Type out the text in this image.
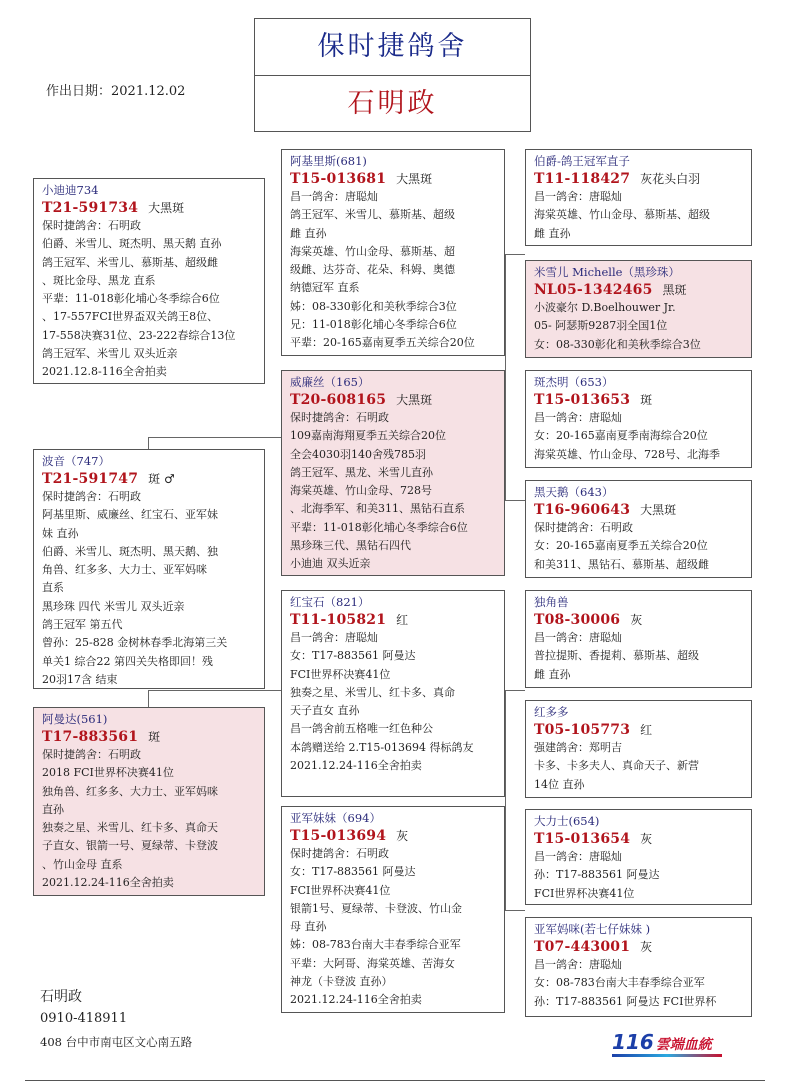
保时捷鸽舍
石明政
作出日期：2021.12.02
小迪迪734
T21-591734 大黑斑
保时捷鸽舍：石明政
伯爵、米雪儿、斑杰明、黑天鹅 直孙
鸽王冠军、米雪儿、慕斯基、超级雌
、斑比金母、黑龙 直系
平辈：11-018彰化埔心冬季综合6位
、17-557FCI世界盃双关鸽王8位、
17-558决赛31位、23-222春综合13位
鸽王冠军、米雪儿 双头近亲
2021.12.8-116全舍拍卖
波音（747）
T21-591747 斑 ♂
保时捷鸽舍：石明政
阿基里斯、威廉丝、红宝石、亚军妹
妹 直孙
伯爵、米雪儿、斑杰明、黑天鹅、独
角兽、红多多、大力士、亚军妈咪
直系
黑珍珠 四代 米雪儿 双头近亲
鸽王冠军 第五代
曾孙：25-828 金树林春季北海第三关
单关1 综合22 第四关失格即回！残
20羽17含 结束
阿曼达(561)
T17-883561 斑
保时捷鸽舍：石明政
2018 FCI世界杯决赛41位
独角兽、红多多、大力士、亚军妈咪
直孙
独奏之星、米雪儿、红卡多、真命天
子直女、银箭一号、夏绿蒂、卡登波
、竹山金母 直系
2021.12.24-116全舍拍卖
阿基里斯(681)
T15-013681 大黑斑
昌一鸽舍：唐聪灿
鸽王冠军、米雪儿、慕斯基、超级
雌 直孙
海棠英雄、竹山金母、慕斯基、超
级雌、达芬奇、花朵、科姆、奥德
纳德冠军 直系
姊：08-330彰化和美秋季综合3位
兄：11-018彰化埔心冬季综合6位
平辈：20-165嘉南夏季五关综合20位
威廉丝（165）
T20-608165 大黑斑
保时捷鸽舍：石明政
109嘉南海翔夏季五关综合20位
全会4030羽140舍残785羽
鸽王冠军、黑龙、米雪儿直孙
海棠英雄、竹山金母、728号
、北海季军、和美311、黑钻石直系
平辈：11-018彰化埔心冬季综合6位
黑珍珠三代、黑钻石四代
小迪迪 双头近亲
红宝石（821）
T11-105821 红
昌一鸽舍：唐聪灿
女：T17-883561 阿曼达
FCI世界杯决赛41位
独奏之星、米雪儿、红卡多、真命
天子直女 直孙
昌一鸽舍前五格唯一红色种公
本鸽赠送给 2.T15-013694 得标鸽友
2021.12.24-116全舍拍卖
亚军妹妹（694）
T15-013694 灰
保时捷鸽舍：石明政
女：T17-883561 阿曼达
FCI世界杯决赛41位
银箭1号、夏绿蒂、卡登波、竹山金
母 直孙
姊：08-783台南大丰春季综合亚军
平辈：大阿哥、海棠英雄、苦海女
神龙（卡登波 直孙）
2021.12.24-116全舍拍卖
伯爵-鸽王冠军直子
T11-118427 灰花头白羽
昌一鸽舍：唐聪灿
海棠英雄、竹山金母、慕斯基、超级
雌 直孙
米雪儿 Michelle（黑珍珠）
NL05-1342465 黑斑
小波豪尔 D.Boelhouwer Jr.
05- 阿瑟斯9287羽全国1位
女：08-330彰化和美秋季综合3位
斑杰明（653）
T15-013653 斑
昌一鸽舍：唐聪灿
女：20-165嘉南夏季南海综合20位
海棠英雄、竹山金母、728号、北海季
黑天鹅（643）
T16-960643 大黑斑
保时捷鸽舍：石明政
女：20-165嘉南夏季五关综合20位
和美311、黑钻石、慕斯基、超级雌
独角兽
T08-30006 灰
昌一鸽舍：唐聪灿
普拉提斯、香提莉、慕斯基、超级
雌 直孙
红多多
T05-105773 红
强建鸽舍：郑明吉
卡多、卡多夫人、真命天子、新营
14位 直孙
大力士(654)
T15-013654 灰
昌一鸽舍：唐聪灿
孙：T17-883561 阿曼达
FCI世界杯决赛41位
亚军妈咪(若七仔妹妹 )
T07-443001 灰
昌一鸽舍：唐聪灿
女：08-783台南大丰春季综合亚军
孙：T17-883561 阿曼达 FCI世界杯
石明政
0910-418911
408 台中市南屯区文心南五路	116 雲端血統
